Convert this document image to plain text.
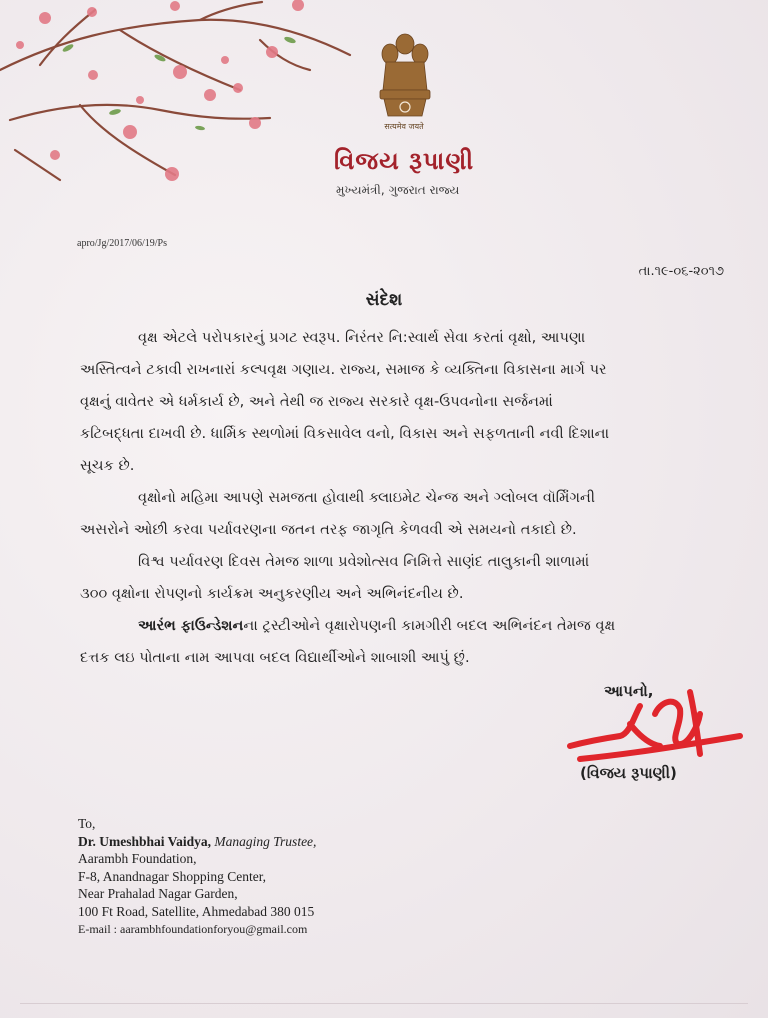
सत्यमेव जयते
વિજય રૂપાણી
મુખ્યમંત્રી, ગુજરાત રાજ્ય
apro/Jg/2017/06/19/Ps
તા.૧૯-૦૬-૨૦૧૭
સંદેશ
વૃક્ષ એટલે પરોપકારનું પ્રગટ સ્વરૂપ. નિરંતર નિ:સ્વાર્થ સેવા કરતાં વૃક્ષો, આપણા
અસ્તિત્વને ટકાવી રાખનારાં કલ્પવૃક્ષ ગણાય. રાજ્ય, સમાજ કે વ્યક્તિના વિકાસના માર્ગ પર
વૃક્ષનું વાવેતર એ ધર્મકાર્ય છે, અને તેથી જ રાજ્ય સરકારે વૃક્ષ-ઉપવનોના સર્જનમાં
કટિબદ્ધતા દાખવી છે. ધાર્મિક સ્થળોમાં વિકસાવેલ વનો, વિકાસ અને સફળતાની નવી દિશાના
સૂચક છે.
વૃક્ષોનો મહિમા આપણે સમજતા હોવાથી ક્લાઇમેટ ચેન્જ અને ગ્લોબલ વૉર્મિંગની
અસરોને ઓછી કરવા પર્યાવરણના જતન તરફ જાગૃતિ કેળવવી એ સમયનો તકાદો છે.
વિશ્વ પર્યાવરણ દિવસ તેમજ શાળા પ્રવેશોત્સવ નિમિત્તે સાણંદ તાલુકાની શાળામાં
૩૦૦ વૃક્ષોના રોપણનો કાર્યક્રમ અનુકરણીય અને અભિનંદનીય છે.
આરંભ ફાઉન્ડેશનના ટ્રસ્ટીઓને વૃક્ષારોપણની કામગીરી બદલ અભિનંદન તેમજ વૃક્ષ
દત્તક લઇ પોતાના નામ આપવા બદલ વિદ્યાર્થીઓને શાબાશી આપું છું.
આપનો,
(વિજય રૂપાણી)
To,
Dr. Umeshbhai Vaidya, Managing Trustee,
Aarambh Foundation,
F-8, Anandnagar Shopping Center,
Near Prahalad Nagar Garden,
100 Ft Road, Satellite, Ahmedabad 380 015
E-mail : aarambhfoundationforyou@gmail.com
